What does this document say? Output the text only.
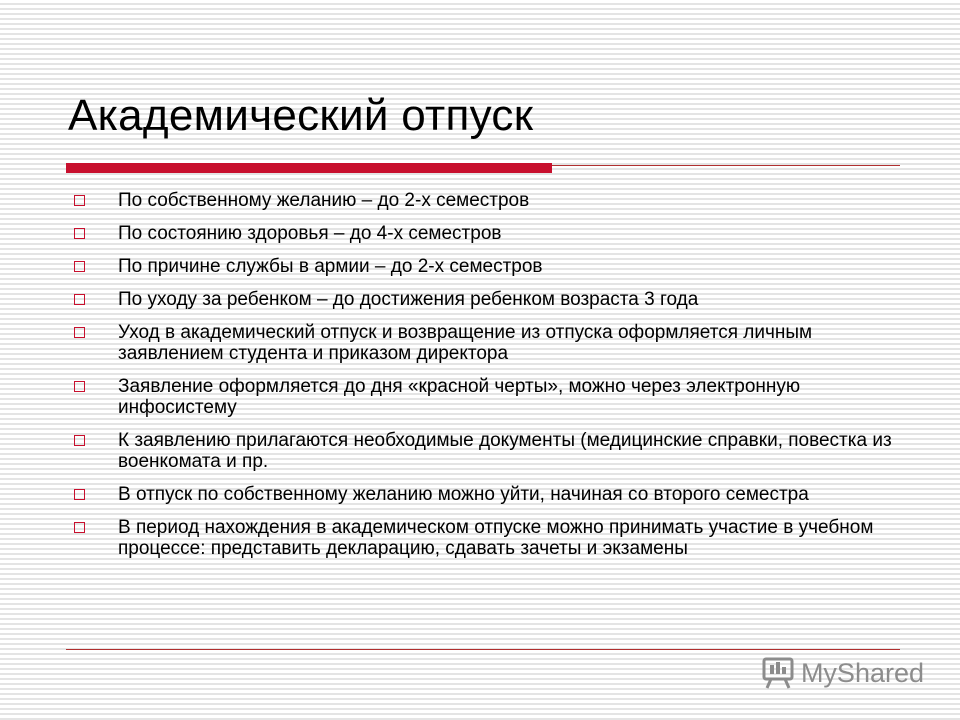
Академический отпуск
По собственному желанию – до 2-х семестров
По состоянию здоровья – до 4-х семестров
По причине службы в армии – до 2-х семестров
По уходу за ребенком – до достижения ребенком возраста 3 года
Уход в академический отпуск и возвращение из отпуска оформляется личным заявлением студента и приказом директора
Заявление оформляется до дня «красной черты», можно через электронную инфосистему
К заявлению прилагаются необходимые документы (медицинские справки, повестка из военкомата и пр.
В отпуск по собственному желанию можно уйти, начиная со второго семестра
В период нахождения в академическом отпуске можно принимать участие в учебном процессе: представить декларацию, сдавать зачеты и экзамены
MyShared
